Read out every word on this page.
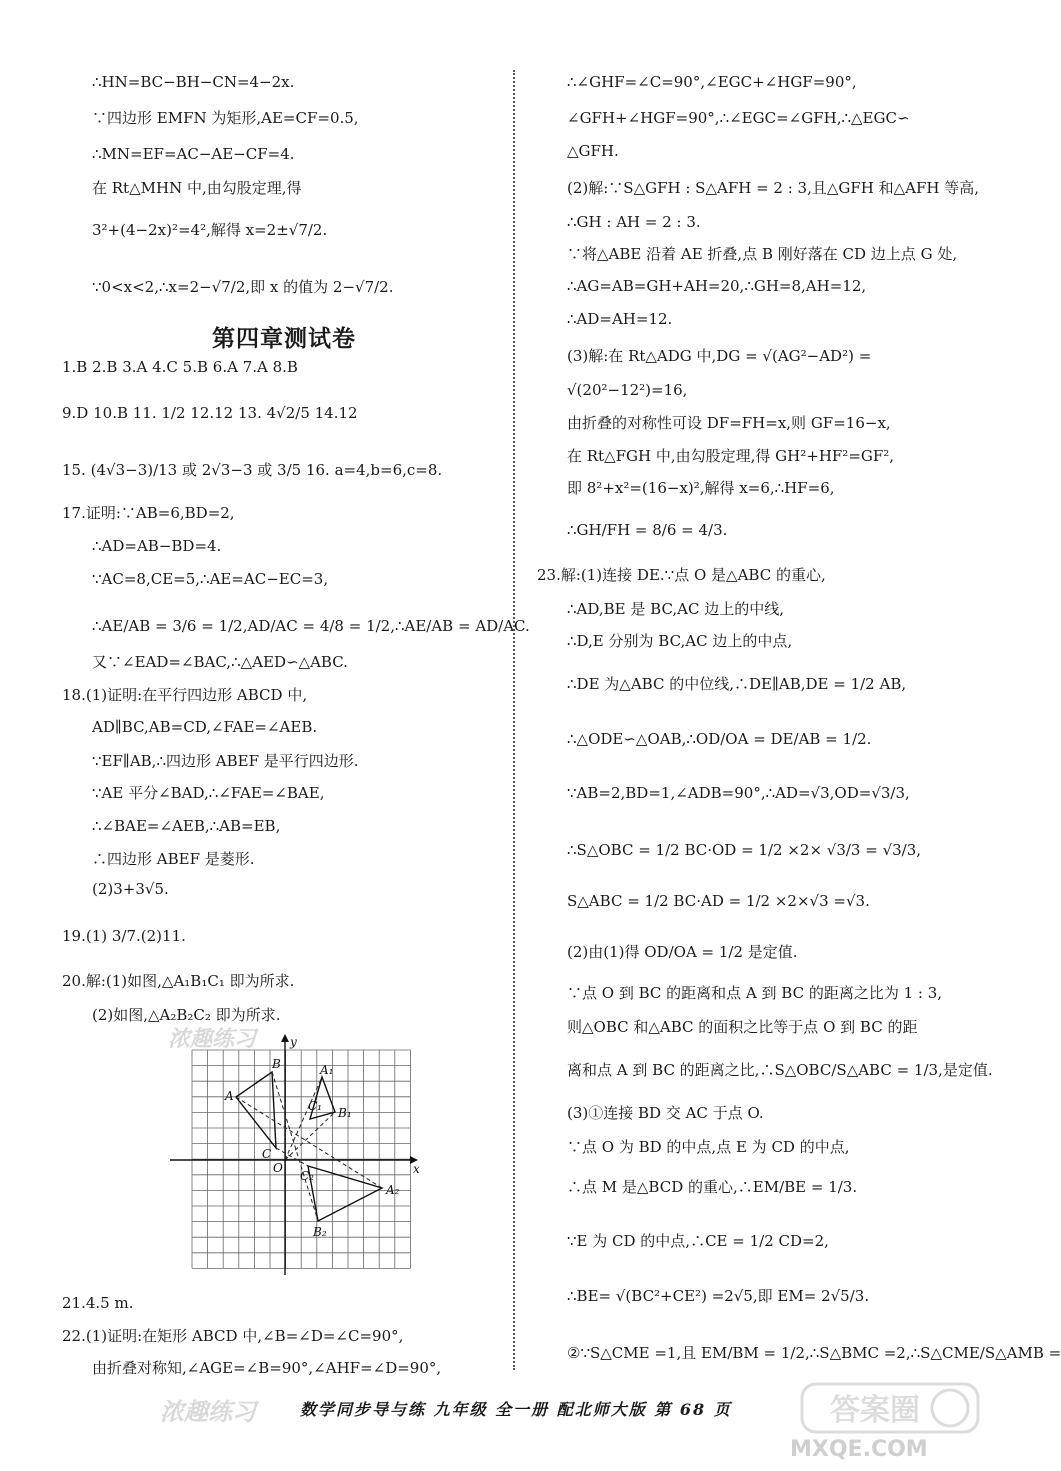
∴HN=BC−BH−CN=4−2x.
∵四边形 EMFN 为矩形,AE=CF=0.5,
∴MN=EF=AC−AE−CF=4.
在 Rt△MHN 中,由勾股定理,得
3²+(4−2x)²=4²,解得 x=2±√7/2.
∵0<x<2,∴x=2−√7/2,即 x 的值为 2−√7/2.
第四章测试卷
1.B 2.B 3.A 4.C 5.B 6.A 7.A 8.B
9.D 10.B 11. 1/2 12.12 13. 4√2/5 14.12
15. (4√3−3)/13 或 2√3−3 或 3/5 16. a=4,b=6,c=8.
17.证明:∵AB=6,BD=2,
∴AD=AB−BD=4.
∵AC=8,CE=5,∴AE=AC−EC=3,
∴AE/AB = 3/6 = 1/2,AD/AC = 4/8 = 1/2,∴AE/AB = AD/AC.
又∵∠EAD=∠BAC,∴△AED∽△ABC.
18.(1)证明:在平行四边形 ABCD 中,
AD∥BC,AB=CD,∠FAE=∠AEB.
∵EF∥AB,∴四边形 ABEF 是平行四边形.
∵AE 平分∠BAD,∴∠FAE=∠BAE,
∴∠BAE=∠AEB,∴AB=EB,
∴四边形 ABEF 是菱形.
(2)3+3√5.
19.(1) 3/7.(2)11.
20.解:(1)如图,△A₁B₁C₁ 即为所求.
(2)如图,△A₂B₂C₂ 即为所求.
21.4.5 m.
22.(1)证明:在矩形 ABCD 中,∠B=∠D=∠C=90°,
由折叠对称知,∠AGE=∠B=90°,∠AHF=∠D=90°,
浓趣练习
x
y
O
A
B
C
A₁
B₁
C₁
A₂
B₂
C₂
∴∠GHF=∠C=90°,∠EGC+∠HGF=90°,
∠GFH+∠HGF=90°,∴∠EGC=∠GFH,∴△EGC∽
△GFH.
(2)解:∵S△GFH : S△AFH = 2 : 3,且△GFH 和△AFH 等高,
∴GH : AH = 2 : 3.
∵将△ABE 沿着 AE 折叠,点 B 刚好落在 CD 边上点 G 处,
∴AG=AB=GH+AH=20,∴GH=8,AH=12,
∴AD=AH=12.
(3)解:在 Rt△ADG 中,DG = √(AG²−AD²) =
√(20²−12²)=16,
由折叠的对称性可设 DF=FH=x,则 GF=16−x,
在 Rt△FGH 中,由勾股定理,得 GH²+HF²=GF²,
即 8²+x²=(16−x)²,解得 x=6,∴HF=6,
∴GH/FH = 8/6 = 4/3.
23.解:(1)连接 DE.∵点 O 是△ABC 的重心,
∴AD,BE 是 BC,AC 边上的中线,
∴D,E 分别为 BC,AC 边上的中点,
∴DE 为△ABC 的中位线,∴DE∥AB,DE = 1/2 AB,
∴△ODE∽△OAB,∴OD/OA = DE/AB = 1/2.
∵AB=2,BD=1,∠ADB=90°,∴AD=√3,OD=√3/3,
∴S△OBC = 1/2 BC·OD = 1/2 ×2× √3/3 = √3/3,
S△ABC = 1/2 BC·AD = 1/2 ×2×√3 =√3.
(2)由(1)得 OD/OA = 1/2 是定值.
∵点 O 到 BC 的距离和点 A 到 BC 的距离之比为 1 : 3,
则△OBC 和△ABC 的面积之比等于点 O 到 BC 的距
离和点 A 到 BC 的距离之比,∴S△OBC/S△ABC = 1/3,是定值.
(3)①连接 BD 交 AC 于点 O.
∵点 O 为 BD 的中点,点 E 为 CD 的中点,
∴点 M 是△BCD 的重心,∴EM/BE = 1/3.
∵E 为 CD 的中点,∴CE = 1/2 CD=2,
∴BE= √(BC²+CE²) =2√5,即 EM= 2√5/3.
②∵S△CME =1,且 EM/BM = 1/2,∴S△BMC =2,∴S△CME/S△AMB =
浓趣练习	数学同步导与练 九年级 全一册 配北师大版 第 68 页	答案圈
MXQE.COM
